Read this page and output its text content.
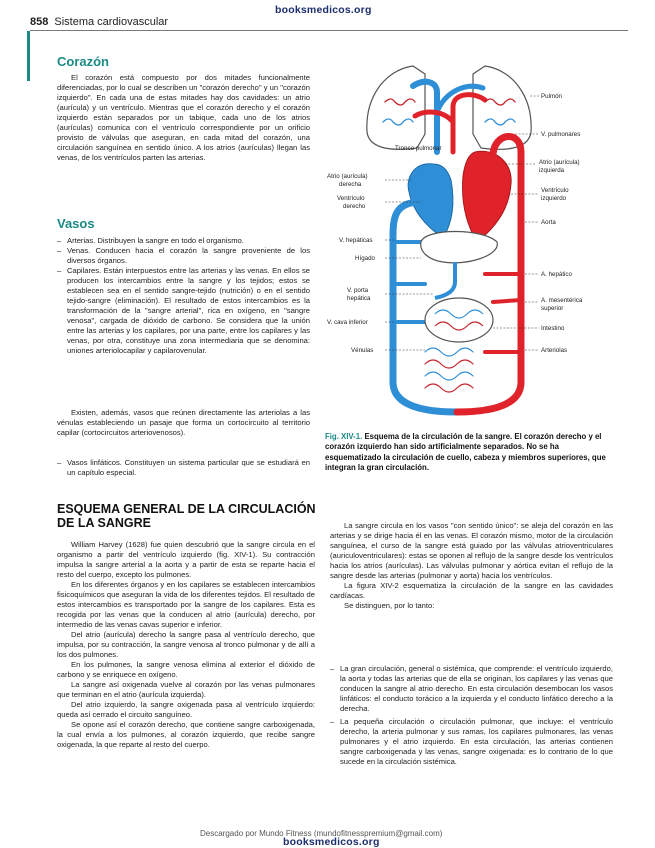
booksmedicos.org
858 Sistema cardiovascular
Corazón

El corazón está compuesto por dos mitades funcionalmente diferenciadas, por lo cual se describen un "corazón derecho" y un "corazón izquierdo". En cada una de estas mitades hay dos cavidades: un atrio (aurícula) y un ventrículo. Mientras que el corazón derecho y el corazón izquierdo están separados por un tabique, cada uno de los atrios (aurículas) comunica con el ventrículo correspondiente por un orificio provisto de válvulas que aseguran, en cada mitad del corazón, una circulación sanguínea en sentido único. A los atrios (aurículas) llegan las venas, de los ventrículos parten las arterias.

Vasos
– Arterias. Distribuyen la sangre en todo el organismo.
– Venas. Conducen hacia el corazón la sangre proveniente de los diversos órganos.
– Capilares. Están interpuestos entre las arterias y las venas. En ellos se producen los intercambios entre la sangre y los tejidos; estos se establecen sea en el sentido sangre-tejido (nutrición) o en el sentido tejido-sangre (eliminación). El resultado de estos intercambios es la transformación de la "sangre arterial", rica en oxígeno, en "sangre venosa", cargada de dióxido de carbono. Se considera que la unión entre las arterias y los capilares, por una parte, entre los capilares y las venas, por otra, constituye una zona intermediaria que se denomina: uniones arteriolocapilar y capilarovenular.

Existen, además, vasos que reúnen directamente las arteriolas a las vénulas estableciendo un pasaje que forma un cortocircuito al territorio capilar (cortocircuitos arteriovenosos).

– Vasos linfáticos. Constituyen un sistema particular que se estudiará en un capítulo especial.
Pulmón
V. pulmonares
Tronco pulmonar
Atrio (aurícula)
izquierda
Atrio (aurícula)
derecha
Ventrículo
derecho
Ventrículo
izquierdo
Aorta
V. hepáticas
Hígado
A. hepático
V. porta
hepática	A. mesentérica
superior
V. cava inferior
Intestino
Vénulas	Arteriolas
Fig. XIV-1. Esquema de la circulación de la sangre. El corazón derecho y el corazón izquierdo han sido artificialmente separados. No se ha esquematizado la circulación de cuello, cabeza y miembros superiores, que integran la gran circulación.
ESQUEMA GENERAL DE LA CIRCULACIÓN
DE LA SANGRE

William Harvey (1628) fue quien descubrió que la sangre circula en el organismo a partir del ventrículo izquierdo (fig. XIV-1). Su contracción impulsa la sangre arterial a la aorta y a partir de esta se reparte hacia el resto del cuerpo, excepto los pulmones.

En los diferentes órganos y en los capilares se establecen intercambios fisicoquímicos que aseguran la vida de los diferentes tejidos. El resultado de estos intercambios es transportado por la sangre de los capilares. Esta es recogida por las venas que la conducen al atrio (aurícula) derecho, por intermedio de las venas cavas superior e inferior.

Del atrio (aurícula) derecho la sangre pasa al ventrículo derecho, que impulsa, por su contracción, la sangre venosa al tronco pulmonar y de allí a los dos pulmones.

En los pulmones, la sangre venosa elimina al exterior el dióxido de carbono y se enriquece en oxígeno.

La sangre así oxigenada vuelve al corazón por las venas pulmonares que terminan en el atrio (aurícula izquierda).

Del atrio izquierdo, la sangre oxigenada pasa al ventrículo izquierdo: queda así cerrado el circuito sanguíneo.

Se opone así el corazón derecho, que contiene sangre carboxigenada, la cual envía a los pulmones, al corazón izquierdo, que recibe sangre oxigenada, la que reparte al resto del cuerpo.

La sangre circula en los vasos "con sentido único": se aleja del corazón en las arterias y se dirige hacia él en las venas. El corazón mismo, motor de la circulación sanguínea, el curso de la sangre está guiado por las válvulas atrioventriculares (auriculoventriculares): estas se oponen al reflujo de la sangre desde los ventrículos hacia los atrios (aurículas). Las válvulas pulmonar y aórtica evitan el reflujo de la sangre desde las arterias (pulmonar y aorta) hacia los ventrículos.

La figura XIV-2 esquematiza la circulación de la sangre en las cavidades cardíacas.

Se distinguen, por lo tanto:

– La gran circulación, general o sistémica, que comprende: el ventrículo izquierdo, la aorta y todas las arterias que de ella se originan, los capilares y las venas que conducen la sangre al atrio derecho. En esta circulación desembocan los vasos linfáticos: el conducto torácico a la izquierda y el conducto linfático derecho a la derecha.
– La pequeña circulación o circulación pulmonar, que incluye: el ventrículo derecho, la arteria pulmonar y sus ramas, los capilares pulmonares, las venas pulmonares y el atrio izquierdo. En esta circulación, las arterias contienen sangre carboxigenada y las venas, sangre oxigenada: es lo contrario de lo que sucede en la circulación sistémica.
Descargado por Mundo Fitness (mundofitnesspremium@gmail.com)
booksmedicos.org
